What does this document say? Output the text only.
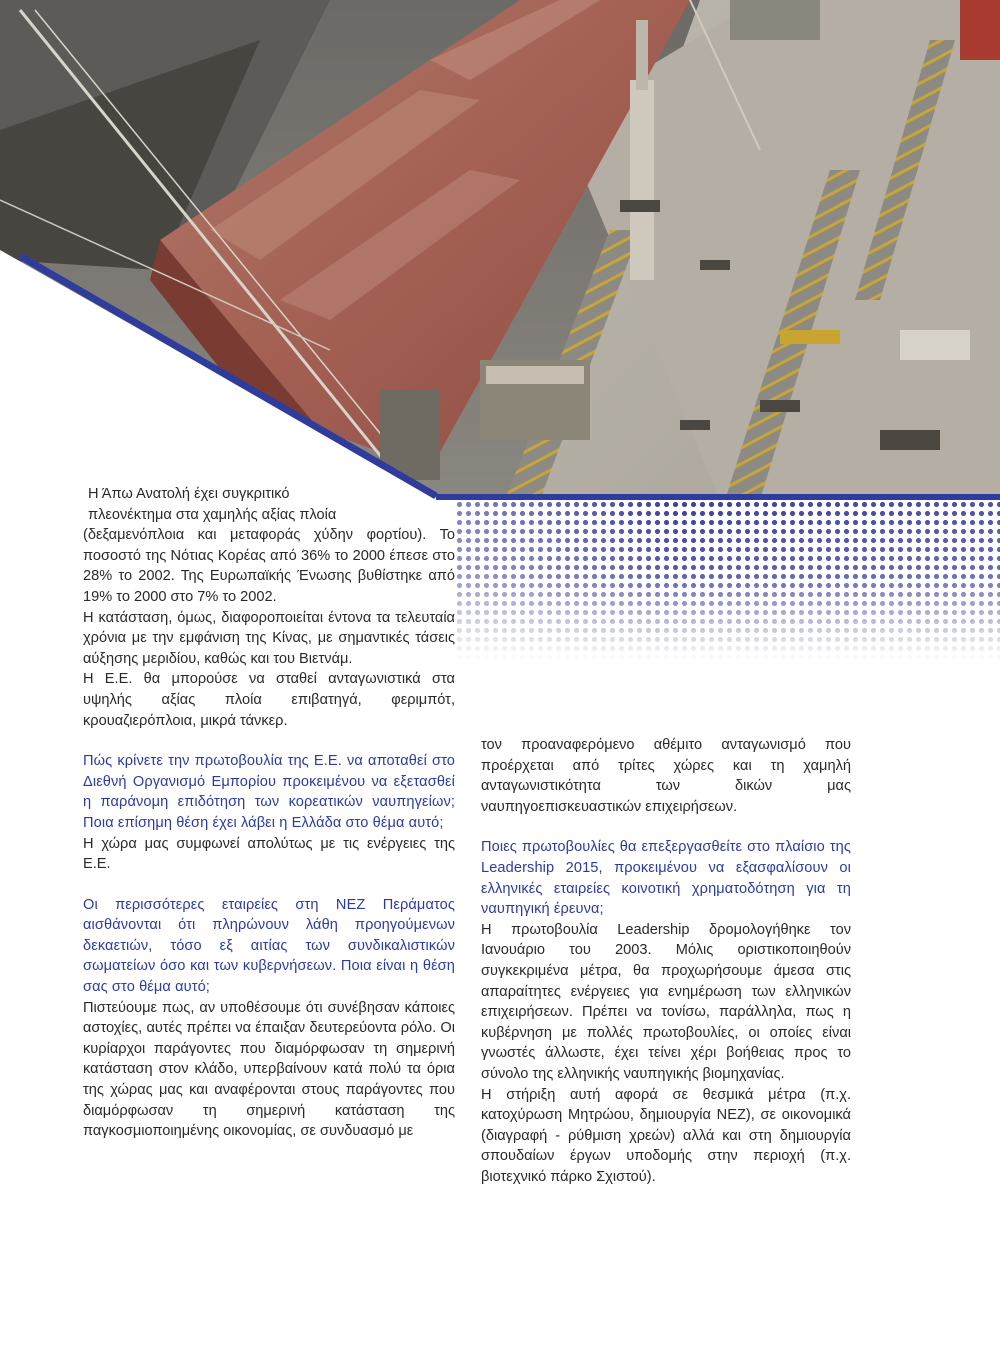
Η Άπω Ανατολή έχει συγκριτικό

πλεονέκτημα στα χαμηλής αξίας πλοία

(δεξαμενόπλοια και μεταφοράς χύδην φορτίου). Το ποσοστό της Νότιας Κορέας από 36% το 2000 έπεσε στο 28% το 2002. Της Ευρωπαϊκής Ένωσης βυθίστηκε από 19% το 2000 στο 7% το 2002.

Η κατάσταση, όμως, διαφοροποιείται έντονα τα τελευταία χρόνια με την εμφάνιση της Κίνας, με σημαντικές τάσεις αύξησης μεριδίου, καθώς και του Βιετνάμ.

Η Ε.Ε. θα μπορούσε να σταθεί ανταγωνιστικά στα υψηλής αξίας πλοία επιβατηγά, φεριμπότ, κρουαζιερόπλοια, μικρά τάνκερ.

Πώς κρίνετε την πρωτοβουλία της Ε.Ε. να αποταθεί στο Διεθνή Οργανισμό Εμπορίου προκειμένου να εξετασθεί η παράνομη επιδότηση των κορεατικών ναυπηγείων; Ποια επίσημη θέση έχει λάβει η Ελλάδα στο θέμα αυτό;

Η χώρα μας συμφωνεί απολύτως με τις ενέργειες της Ε.Ε.

Οι περισσότερες εταιρείες στη ΝΕΖ Περάματος αισθάνονται ότι πληρώνουν λάθη προηγούμενων δεκαετιών, τόσο εξ αιτίας των συνδικαλιστικών σωματείων όσο και των κυβερνήσεων. Ποια είναι η θέση σας στο θέμα αυτό;

Πιστεύουμε πως, αν υποθέσουμε ότι συνέβησαν κάποιες αστοχίες, αυτές πρέπει να έπαιξαν δευτερεύοντα ρόλο. Οι κυρίαρχοι παράγοντες που διαμόρφωσαν τη σημερινή κατάσταση στον κλάδο, υπερβαίνουν κατά πολύ τα όρια της χώρας μας και αναφέρονται στους παράγοντες που διαμόρφωσαν τη σημερινή κατάσταση της παγκοσμιοποιημένης οικονομίας, σε συνδυασμό με

τον προαναφερόμενο αθέμιτο ανταγωνισμό που προέρχεται από τρίτες χώρες και τη χαμηλή ανταγωνιστικότητα των δικών μας ναυπηγοεπισκευαστικών επιχειρήσεων.

Ποιες πρωτοβουλίες θα επεξεργασθείτε στο πλαίσιο της Leadership 2015, προκειμένου να εξασφαλίσουν οι ελληνικές εταιρείες κοινοτική χρηματοδότηση για τη ναυπηγική έρευνα;

Η πρωτοβουλία Leadership δρομολογήθηκε τον Ιανουάριο του 2003. Μόλις οριστικοποιηθούν συγκεκριμένα μέτρα, θα προχωρήσουμε άμεσα στις απαραίτητες ενέργειες για ενημέρωση των ελληνικών επιχειρήσεων. Πρέπει να τονίσω, παράλληλα, πως η κυβέρνηση με πολλές πρωτοβουλίες, οι οποίες είναι γνωστές άλλωστε, έχει τείνει χέρι βοήθειας προς το σύνολο της ελληνικής ναυπηγικής βιομηχανίας.

Η στήριξη αυτή αφορά σε θεσμικά μέτρα (π.χ. κατοχύρωση Μητρώου, δημιουργία ΝΕΖ), σε οικονομικά (διαγραφή - ρύθμιση χρεών) αλλά και στη δημιουργία σπουδαίων έργων υποδομής στην περιοχή (π.χ. βιοτεχνικό πάρκο Σχιστού).
